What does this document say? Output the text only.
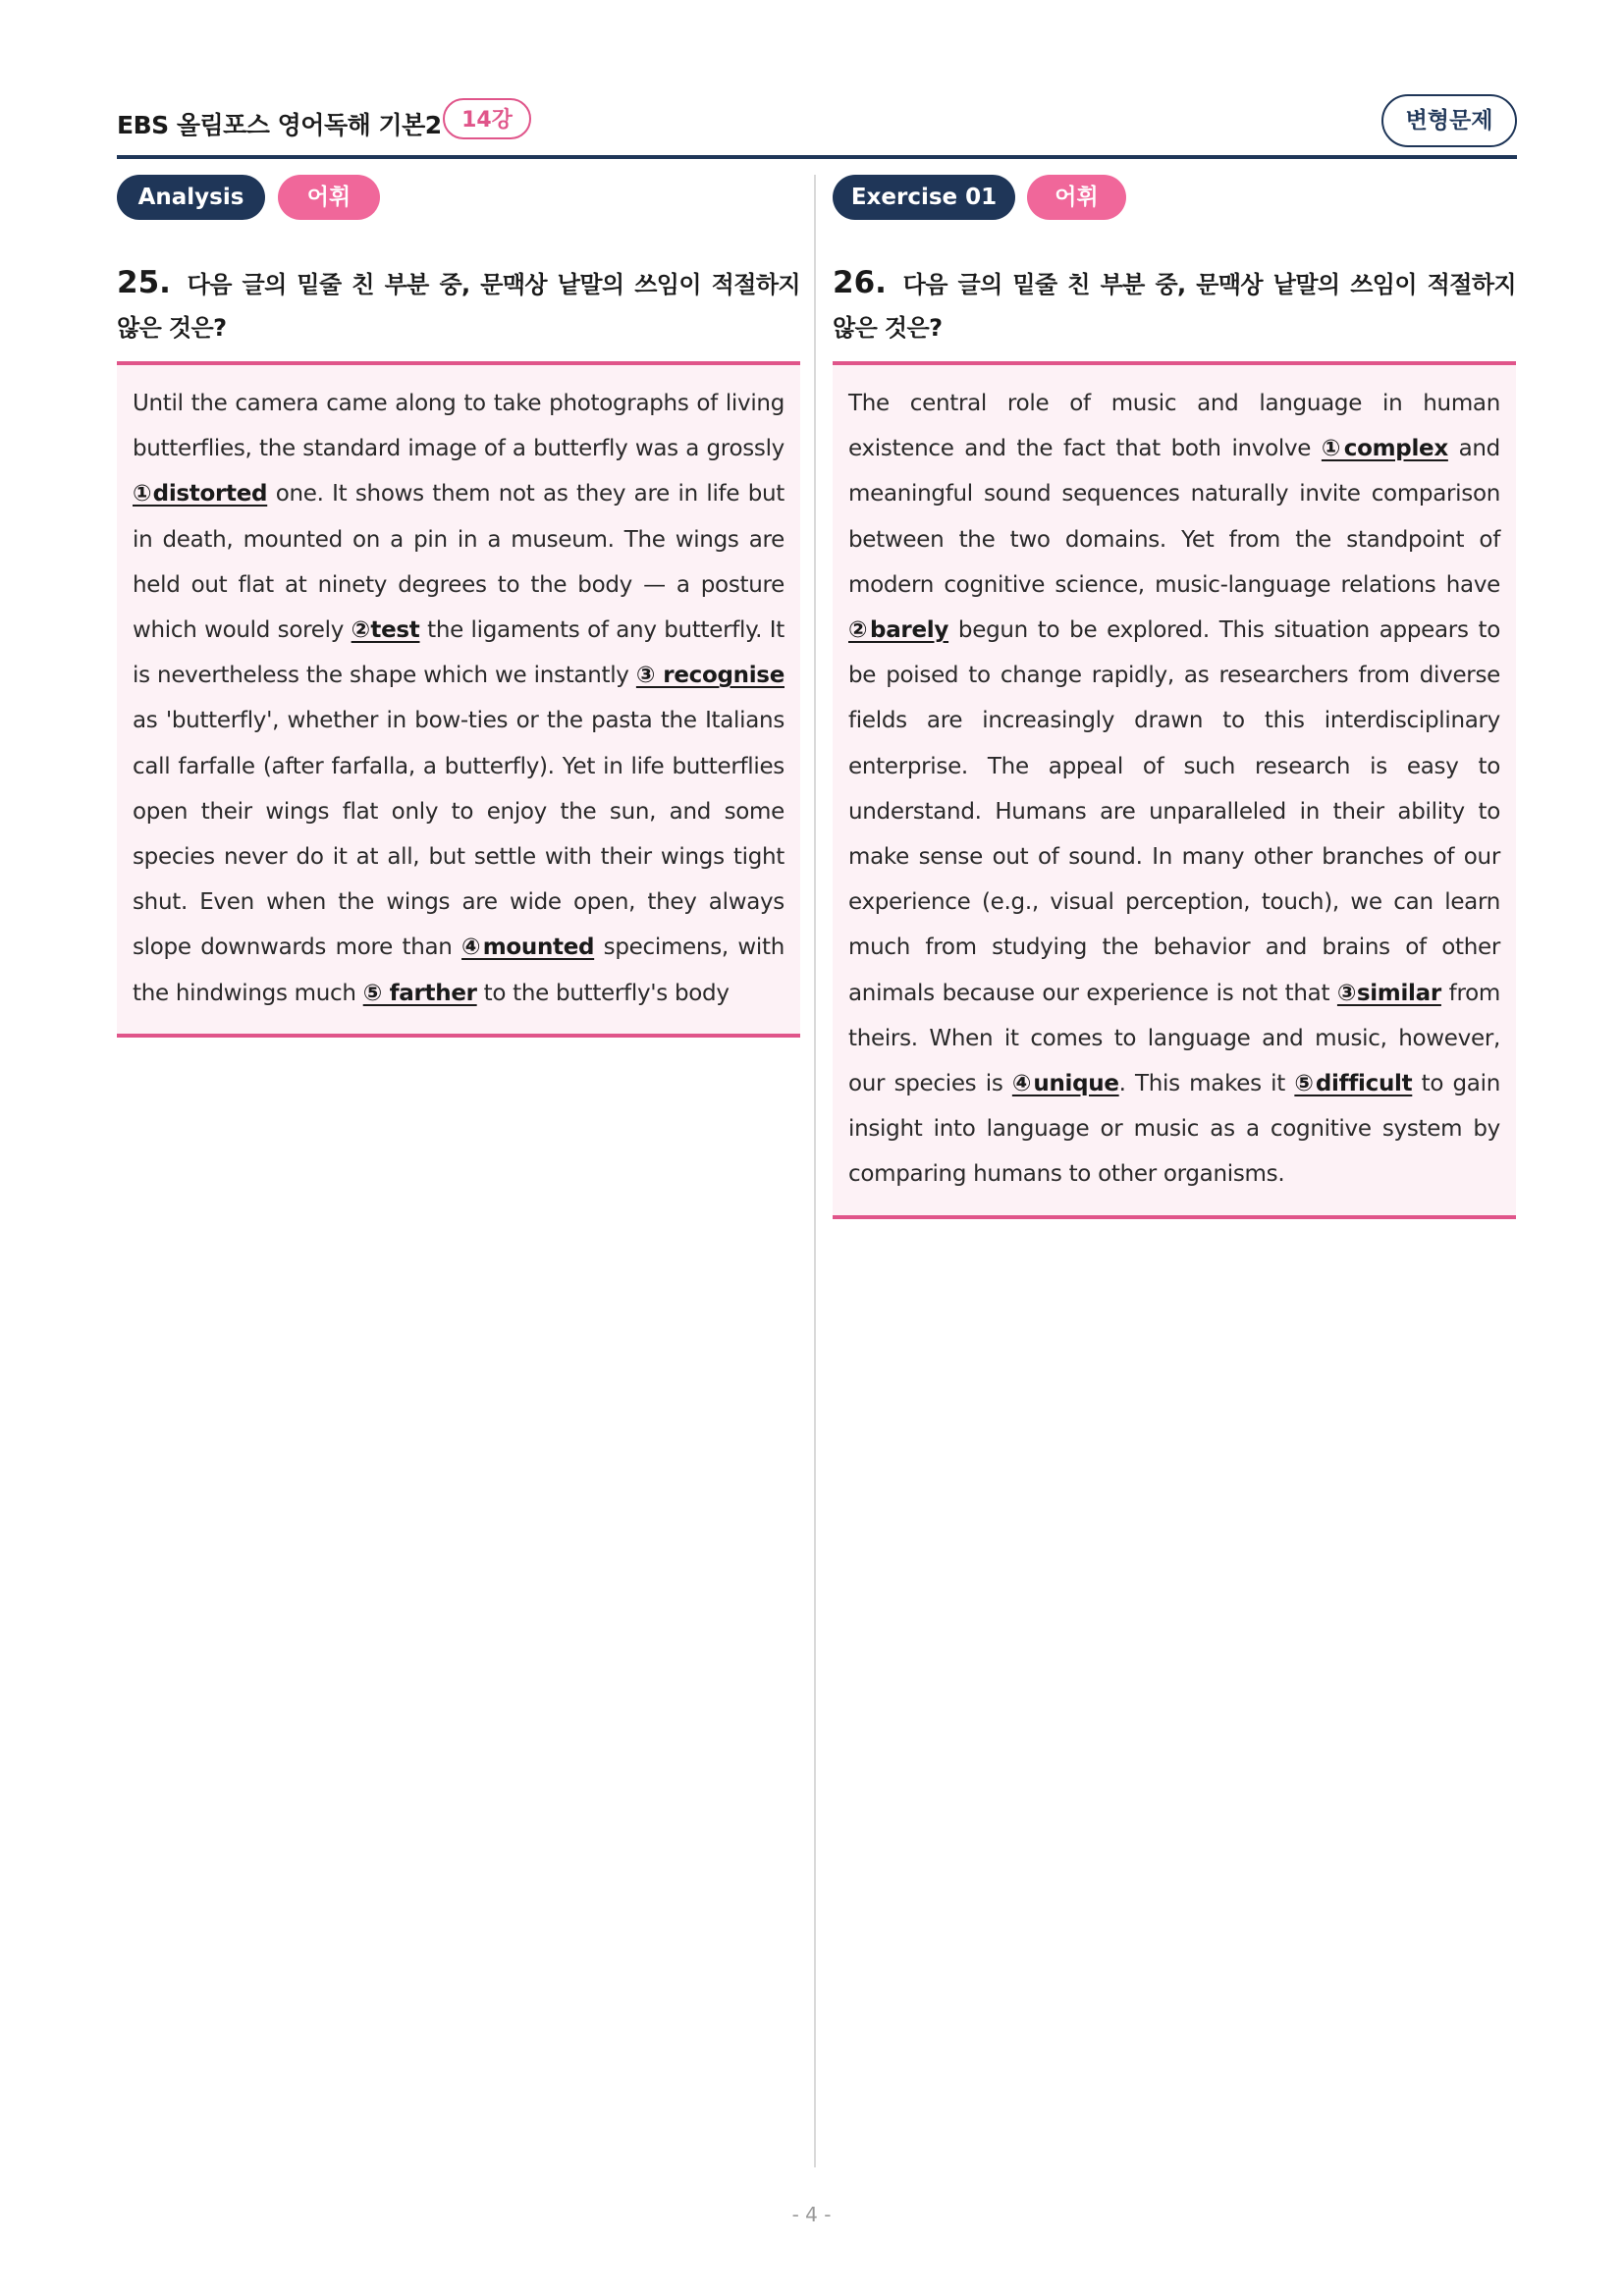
EBS 올림포스 영어독해 기본2 14강	변형문제
Analysis	어휘
25. 다음 글의 밑줄 친 부분 중, 문맥상 낱말의 쓰임이 적절하지 않은 것은?
Until the camera came along to take photographs of living butterflies, the standard image of a butterfly was a grossly ①distorted one. It shows them not as they are in life but in death, mounted on a pin in a museum. The wings are held out flat at ninety degrees to the body — a posture which would sorely ②test the ligaments of any butterfly. It is nevertheless the shape which we instantly ③ recognise as 'butterfly', whether in bow-ties or the pasta the Italians call farfalle (after farfalla, a butterfly). Yet in life butterflies open their wings flat only to enjoy the sun, and some species never do it at all, but settle with their wings tight shut. Even when the wings are wide open, they always slope downwards more than ④mounted specimens, with the hindwings much ⑤ farther to the butterfly's body
Exercise 01	어휘
26. 다음 글의 밑줄 친 부분 중, 문맥상 낱말의 쓰임이 적절하지 않은 것은?
The central role of music and language in human existence and the fact that both involve ①complex and meaningful sound sequences naturally invite comparison between the two domains. Yet from the standpoint of modern cognitive science, music-language relations have ②barely begun to be explored. This situation appears to be poised to change rapidly, as researchers from diverse fields are increasingly drawn to this interdisciplinary enterprise. The appeal of such research is easy to understand. Humans are unparalleled in their ability to make sense out of sound. In many other branches of our experience (e.g., visual perception, touch), we can learn much from studying the behavior and brains of other animals because our experience is not that ③similar from theirs. When it comes to language and music, however, our species is ④unique. This makes it ⑤difficult to gain insight into language or music as a cognitive system by comparing humans to other organisms.
- 4 -
